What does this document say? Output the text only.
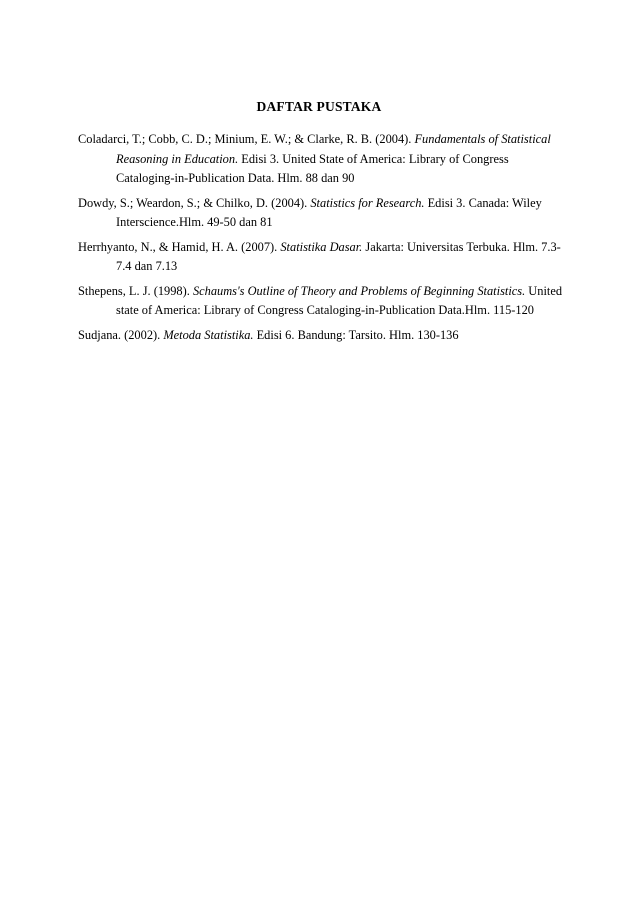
DAFTAR PUSTAKA

Coladarci, T.; Cobb, C. D.; Minium, E. W.; & Clarke, R. B. (2004). Fundamentals of Statistical Reasoning in Education. Edisi 3. United State of America: Library of Congress Cataloging-in-Publication Data. Hlm. 88 dan 90

Dowdy, S.; Weardon, S.; & Chilko, D. (2004). Statistics for Research. Edisi 3. Canada: Wiley Interscience.Hlm. 49-50 dan 81

Herrhyanto, N., & Hamid, H. A. (2007). Statistika Dasar. Jakarta: Universitas Terbuka. Hlm. 7.3-7.4 dan 7.13

Sthepens, L. J. (1998). Schaums's Outline of Theory and Problems of Beginning Statistics. United state of America: Library of Congress Cataloging-in-Publication Data.Hlm. 115-120

Sudjana. (2002). Metoda Statistika. Edisi 6. Bandung: Tarsito. Hlm. 130-136
